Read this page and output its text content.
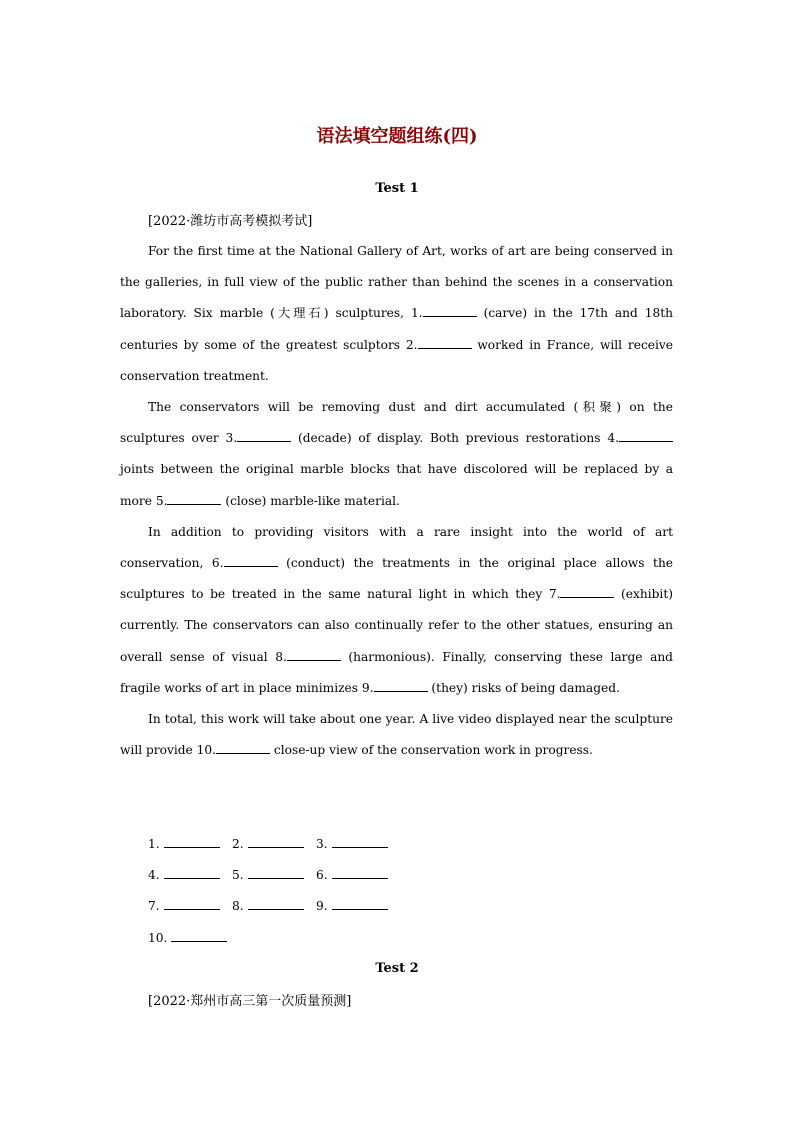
语法填空题组练(四)
Test 1
[2022·潍坊市高考模拟考试]

For the first time at the National Gallery of Art, works of art are being conserved in the galleries, in full view of the public rather than behind the scenes in a conservation laboratory. Six marble (大理石) sculptures, 1.	(carve) in the 17th and 18th centuries by some of the greatest sculptors 2.	worked in France, will receive conservation treatment.

The conservators will be removing dust and dirt accumulated (积聚) on the sculptures over 3.	(decade) of display. Both previous restorations 4. joints between the original marble blocks that have discolored will be replaced by a more 5.	(close) marble-like material.

In addition to providing visitors with a rare insight into the world of art conservation, 6.	(conduct) the treatments in the original place allows the sculptures to be treated in the same natural light in which they 7.	(exhibit) currently. The conservators can also continually refer to the other statues, ensuring an overall sense of visual 8.	(harmonious). Finally, conserving these large and fragile works of art in place minimizes 9.	(they) risks of being damaged.

In total, this work will take about one year. A live video displayed near the sculpture will provide 10.	close-up view of the conservation work in progress.

1.	2.	3.
4.	5.	6.
7.	8.	9.
10.
Test 2
[2022·郑州市高三第一次质量预测]
